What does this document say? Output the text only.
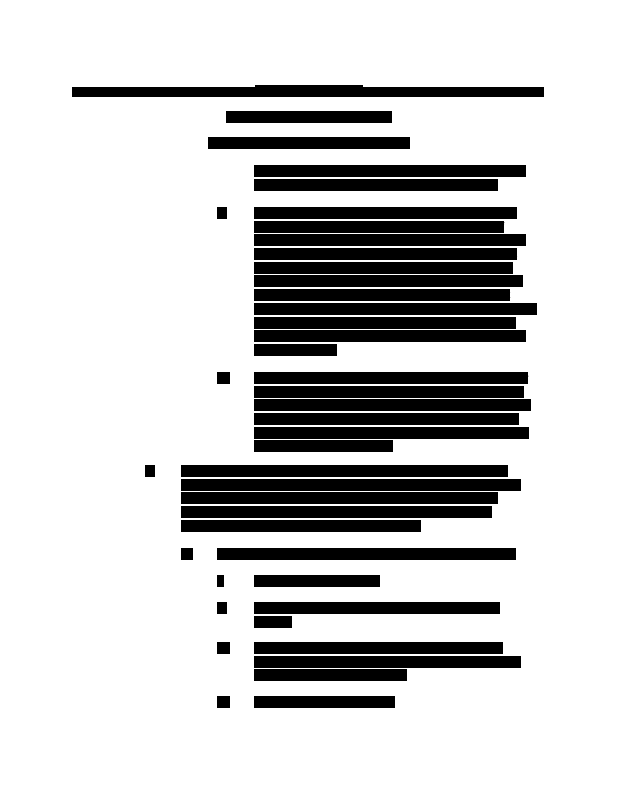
ILLINOIS REGISTER
POLLUTION CONTROL BOARD
NOTICE OF ADOPTED AMENDMENTS
compliance with remaining emissions standards must be as
close as possible to the original operating conditions.
ii) Prior to obtaining test data for purposes of demonstrating
compliance with the applicable emissions standards of
Sections 726.204 through 726.207 or establishing limits on
operating parameters under this Section, the facility must
operate under compliance test conditions for a sufficient
period to reach steady-state operations. Industrial furnaces
that recycle collected PM back into the furnace and that
comply with subsection (c)(1)(B)(i) or (c)(3)(B)(ii), however,
need not reach steady state conditions with respect to the
flow of metals in the system prior to beginning compliance
testing for metals.
iii) Compliance test data on the level of an operating parameter
for which a limit must be established in the certification of
compliance must be obtained during emissions sampling for
the pollutants (i.e., metals, PM, HCl/chlorine gas, organic
compounds) for which the parameter must be established as
specified by subsection (c)(1).
7) Certification of Compliance. Within 90 days of completing compliance
testing, the owner or operator must certify to the Agency compliance with
the emissions standards of Sections 726.204(b), (c) and (e); 726.205;
726.206; 726.207; and subsection (a)(5)(A)(iv). The certification of
compliance must include the following information:
A) General facility and testing information, including the following:
i)	USEPA facility ID number;
ii) Facility name, contact person, telephone number, and
address;
iii) Person responsible for conducting compliance testing,
including company name, address, and telephone number,
and a statement of qualifications;
iv) Dates of each compliance test;
